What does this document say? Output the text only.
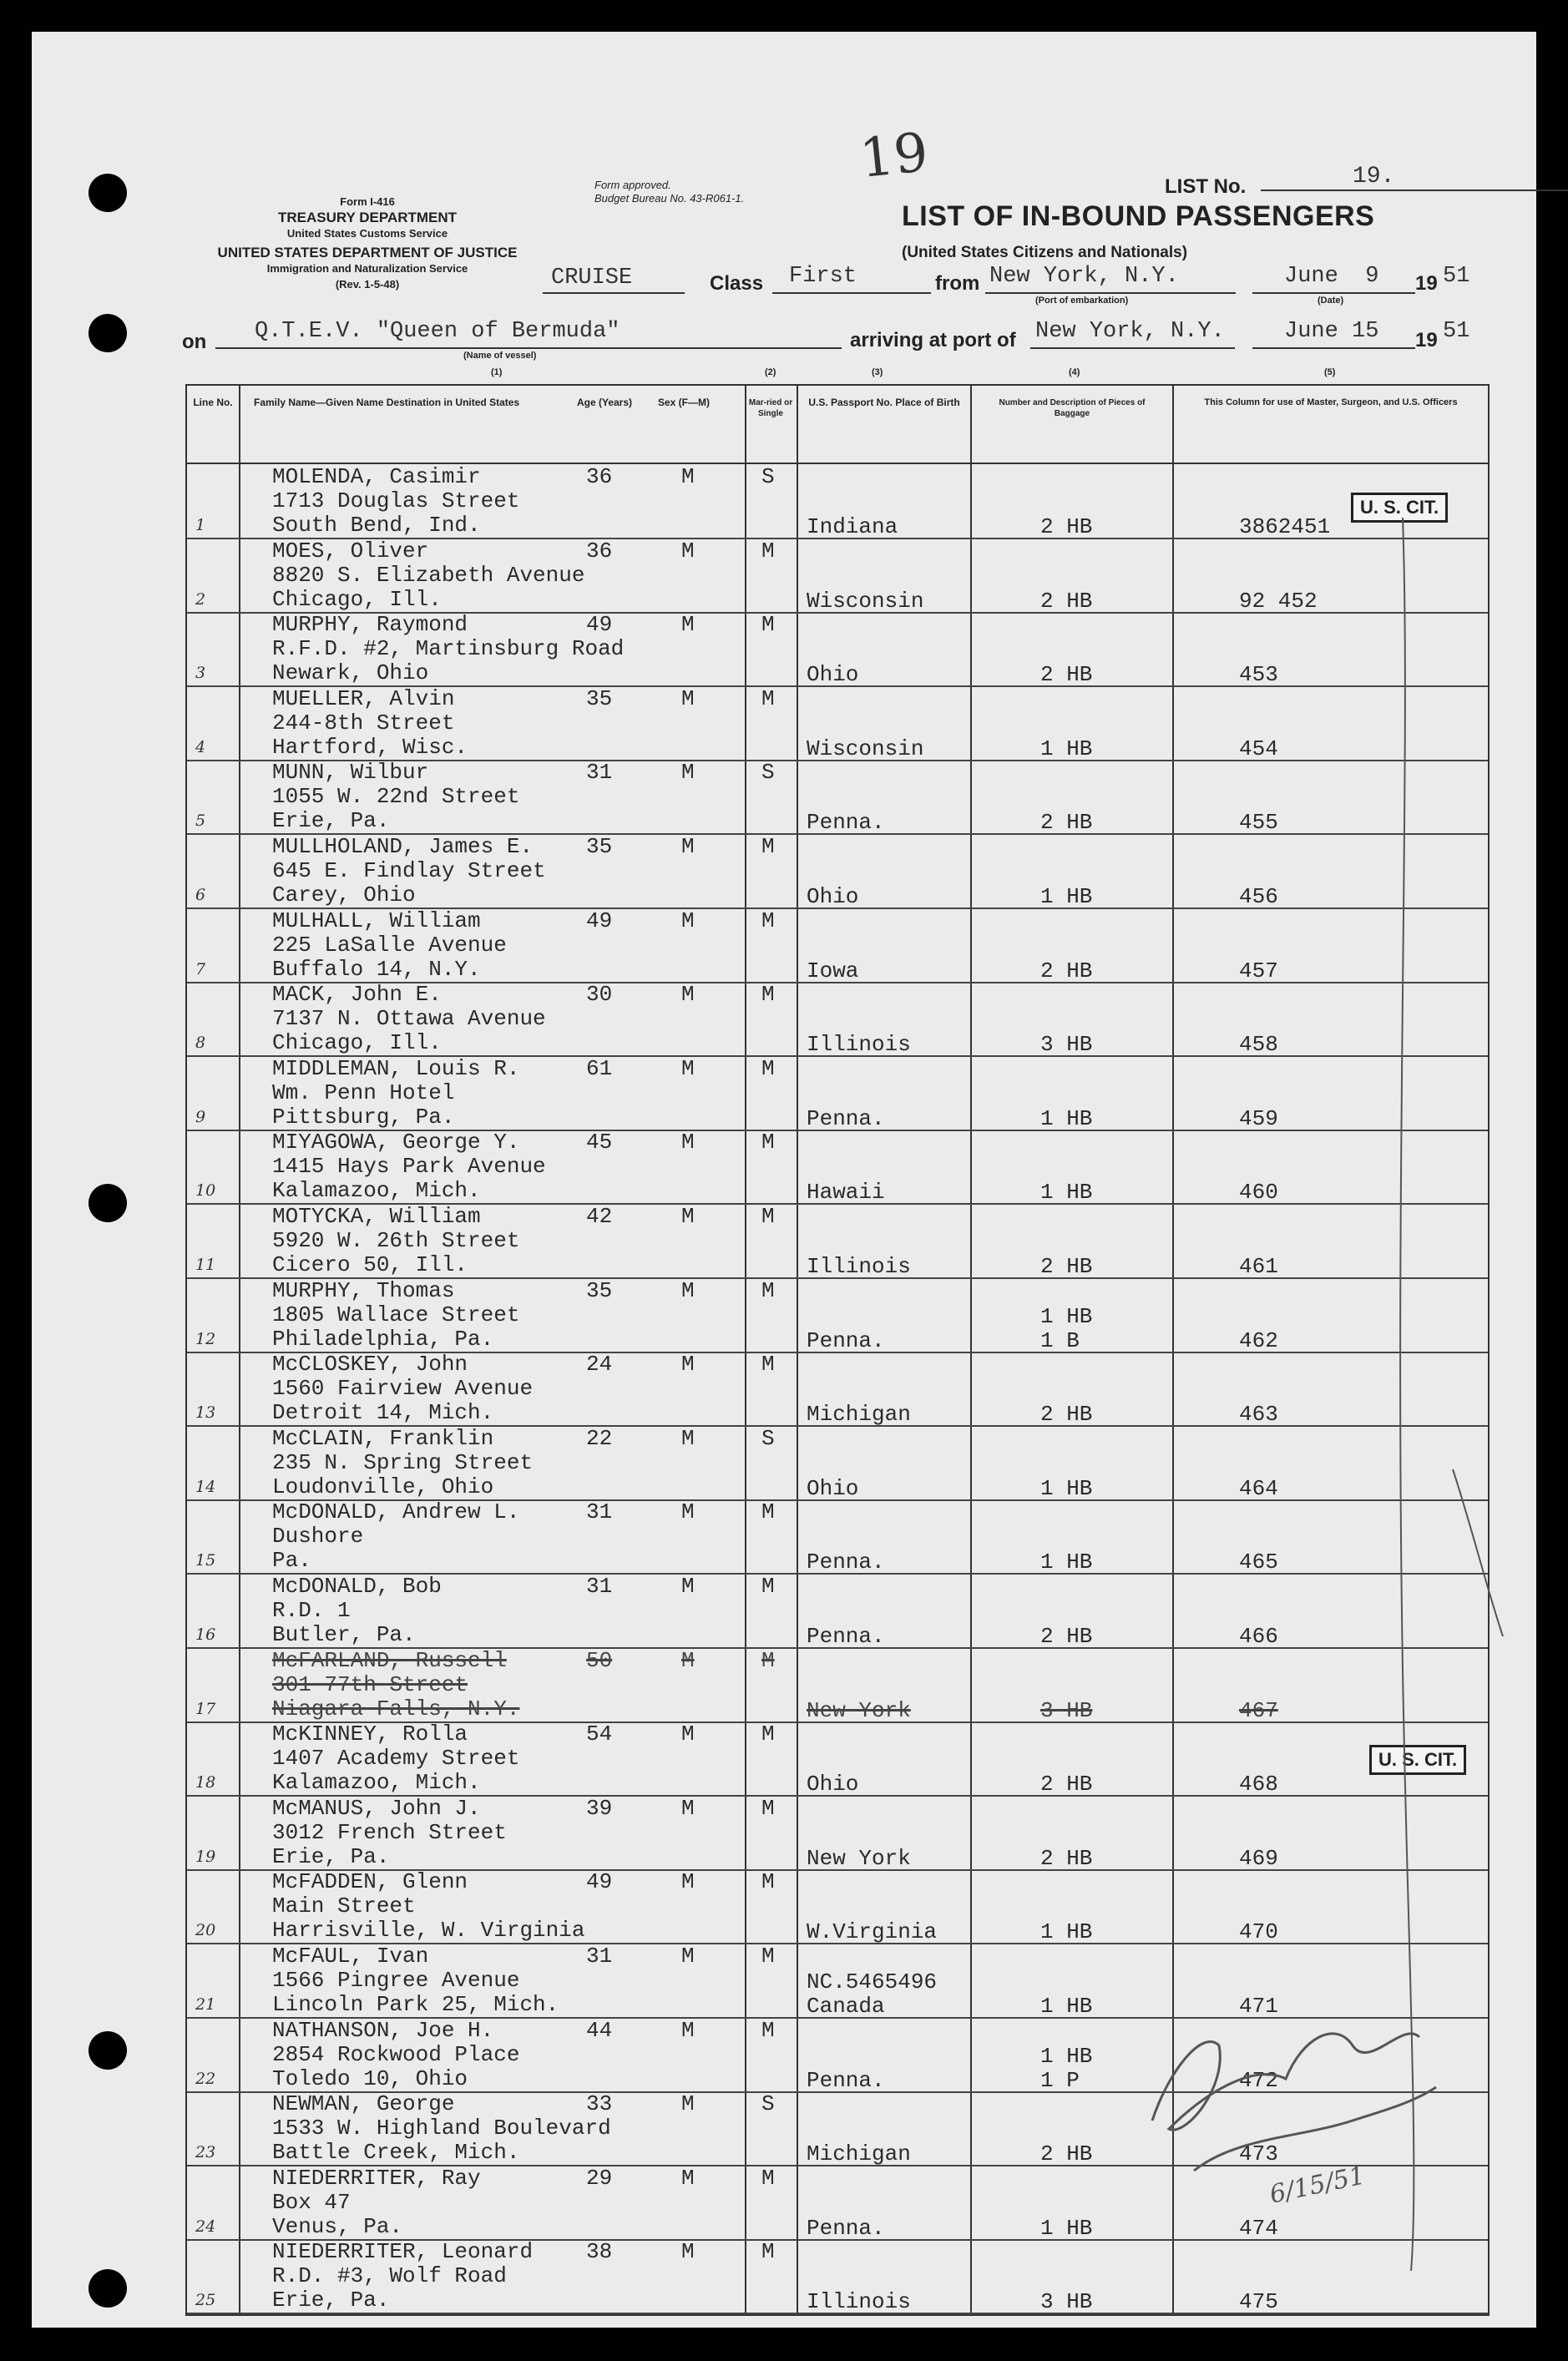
Form I-416
TREASURY DEPARTMENT
United States Customs Service
UNITED STATES DEPARTMENT OF JUSTICE
Immigration and Naturalization Service
(Rev. 1-5-48)
Form approved.
Budget Bureau No. 43-R061-1.
19	LIST No.	19.
LIST OF IN-BOUND PASSENGERS
(United States Citizens and Nationals)
CRUISE	Class First	from New York, N.Y.
(Port of embarkation)
June  9
(Date)
19 51
on Q.T.E.V. "Queen of Bermuda"
(Name of vessel)
arriving at port of New York, N.Y.	June 15 19 51
(1)	(2)	(3)	(4)	(5)
Line No.	Family Name—Given Name Destination in United States	Age (Years)	Sex (F—M)	Mar-ried or Single
U.S. Passport No. Place of Birth	Number and Description of Pieces of Baggage
This Column for use of Master, Surgeon, and U.S. Officers
1
MOLENDA, Casimir
1713 Douglas Street
South Bend, Ind.
36	M	S
Indiana	2 HB	3862451
2
MOES, Oliver
8820 S. Elizabeth Avenue
Chicago, Ill.
36	M	M
Wisconsin	2 HB	92 452
3
MURPHY, Raymond
R.F.D. #2, Martinsburg Road
Newark, Ohio
49	M	M
Ohio	2 HB	453
4
MUELLER, Alvin
244-8th Street
Hartford, Wisc.
35	M	M
Wisconsin	1 HB	454
5
MUNN, Wilbur
1055 W. 22nd Street
Erie, Pa.
31	M	S
Penna.	2 HB	455
6
MULLHOLAND, James E.
645 E. Findlay Street
Carey, Ohio
35	M	M
Ohio	1 HB	456
7
MULHALL, William
225 LaSalle Avenue
Buffalo 14, N.Y.
49	M	M
Iowa	2 HB	457
8
MACK, John E.
7137 N. Ottawa Avenue
Chicago, Ill.
30	M	M
Illinois	3 HB	458
9
MIDDLEMAN, Louis R.
Wm. Penn Hotel
Pittsburg, Pa.
61	M	M
Penna.	1 HB	459
10
MIYAGOWA, George Y.
1415 Hays Park Avenue
Kalamazoo, Mich.
45	M	M
Hawaii	1 HB	460
11
MOTYCKA, William
5920 W. 26th Street
Cicero 50, Ill.
42	M	M
Illinois	2 HB	461
12
MURPHY, Thomas
1805 Wallace Street
Philadelphia, Pa.
35	M	M
Penna.
1 HB
1 B	462
13
McCLOSKEY, John
1560 Fairview Avenue
Detroit 14, Mich.
24	M	M
Michigan	2 HB	463
14
McCLAIN, Franklin
235 N. Spring Street
Loudonville, Ohio
22	M	S
Ohio	1 HB	464
15
McDONALD, Andrew L.
Dushore
Pa.
31	M	M
Penna.	1 HB	465
16
McDONALD, Bob
R.D. 1
Butler, Pa.
31	M	M
Penna.	2 HB	466
17
McFARLAND, Russell
301 77th Street
Niagara Falls, N.Y.
50	M	M
New York	3 HB	467
18
McKINNEY, Rolla
1407 Academy Street
Kalamazoo, Mich.
54	M	M
Ohio	2 HB	468
19
McMANUS, John J.
3012 French Street
Erie, Pa.
39	M	M
New York	2 HB	469
20
McFADDEN, Glenn
Main Street
Harrisville, W. Virginia
49	M	M
W.Virginia	1 HB	470
21
McFAUL, Ivan
1566 Pingree Avenue
Lincoln Park 25, Mich.
31	M	M
NC.5465496
Canada	1 HB	471
22
NATHANSON, Joe H.
2854 Rockwood Place
Toledo 10, Ohio
44	M	M
Penna.
1 HB
1 P	472
23
NEWMAN, George
1533 W. Highland Boulevard
Battle Creek, Mich.
33	M	S
Michigan	2 HB	473
24
NIEDERRITER, Ray
Box 47
Venus, Pa.
29	M	M
Penna.	1 HB	474
25
NIEDERRITER, Leonard
R.D. #3, Wolf Road
Erie, Pa.
38	M	M
Illinois	3 HB	475
U. S. CIT.
U. S. CIT.
6/15/51
